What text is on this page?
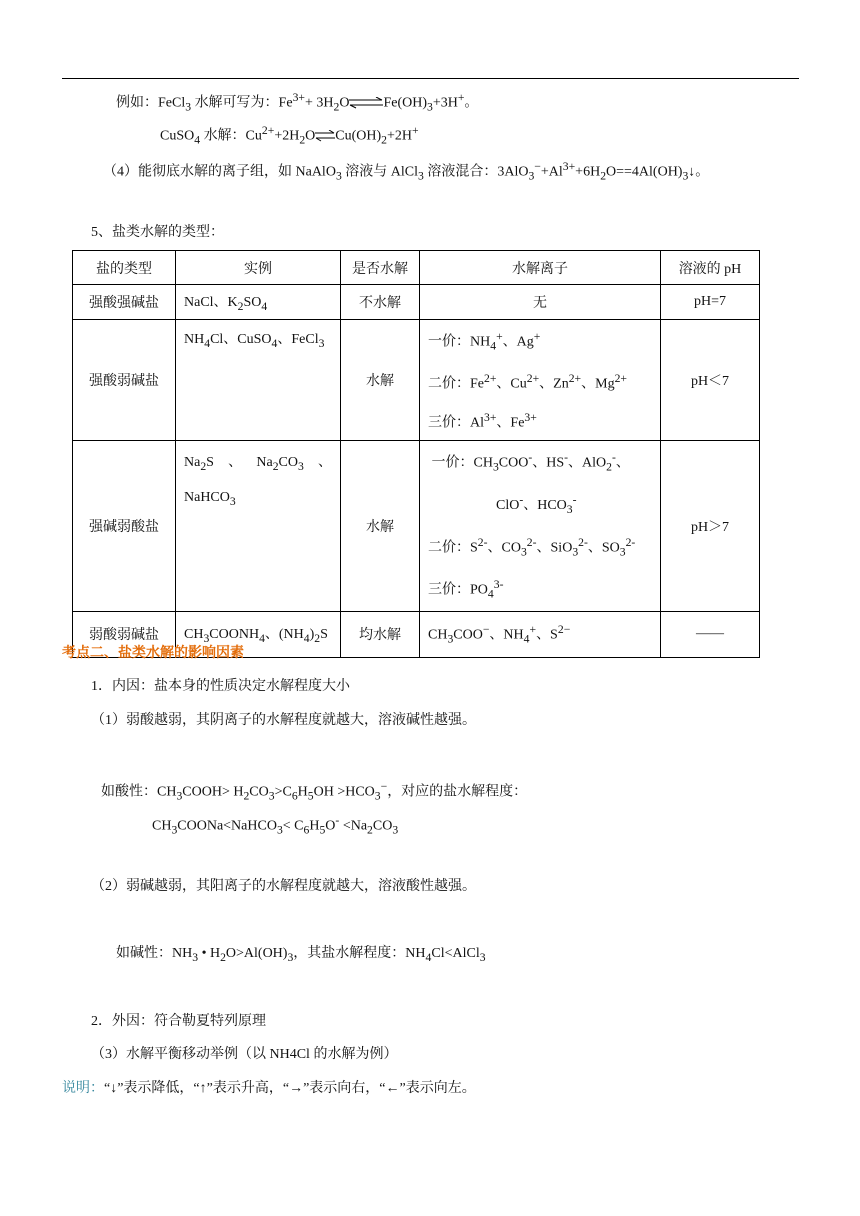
例如：FeCl$_3$ 水解可写为：$Fe^{3+}+ 3H_2O$ $Fe(OH)_3+3H^+$。
CuSO$_4$ 水解：$Cu^{2+}+2H_2O$ $Cu(OH)_2+2H^+$
（4）能彻底水解的离子组，如 NaAlO$_3$ 溶液与 AlCl$_3$ 溶液混合：$3AlO_3^-+Al^{3+}+6H_2O==4Al(OH)_3↓$。
5、盐类水解的类型：
盐的类型	实例	是否水解	水解离子	溶液的 pH
强酸强碱盐	NaCl、$K_2SO_4$	不水解	无	pH=7
强酸弱碱盐	$NH_4Cl$、CuSO$_4$、FeCl$_3$	水解	一价：$NH_4^+$、Ag+
二价：$Fe^{2+}$、$Cu^{2+}$、$Zn^{2+}$、$Mg^{2+}$
三价：$Al^{3+}$、$Fe^{3+}$	pH＜7
强碱弱酸盐	$Na_2S$ 、 $Na_2CO_3$ 、
NaHCO$_3$	水解	一价：$CH_3COO^-$、HS-、AlO$_2$-、
ClO-、$HCO_3^-$
二价：$S^{2-}$、$CO_3^{2-}$、SiO$_3^{2-}$、$SO_3^{2-}$
三价：$PO_4^{3-}$	pH＞7
弱酸弱碱盐	$CH_3COONH_4$、$(NH_4)_2S$	均水解	$CH_3COO^-$、$NH_4^+$、$S^{2-}$	——
考点二、盐类水解的影响因素
1．内因：盐本身的性质决定水解程度大小
（1）弱酸越弱，其阴离子的水解程度就越大，溶液碱性越强。
如酸性：$CH_3COOH> H_2CO_3>C_6H_5OH >HCO_3^-$，对应的盐水解程度：
$CH_3COONa<NaHCO_3< C_6H_5O^- <Na_2CO_3$
（2）弱碱越弱，其阳离子的水解程度就越大，溶液酸性越强。
如碱性：$NH_3$ • $H_2O>Al(OH)_3$，其盐水解程度：$NH_4Cl<AlCl_3$
2．外因：符合勒夏特列原理
（3）水解平衡移动举例（以 NH4Cl 的水解为例）
说明：“↓”表示降低，“↑”表示升高，“→”表示向右，“←”表示向左。
